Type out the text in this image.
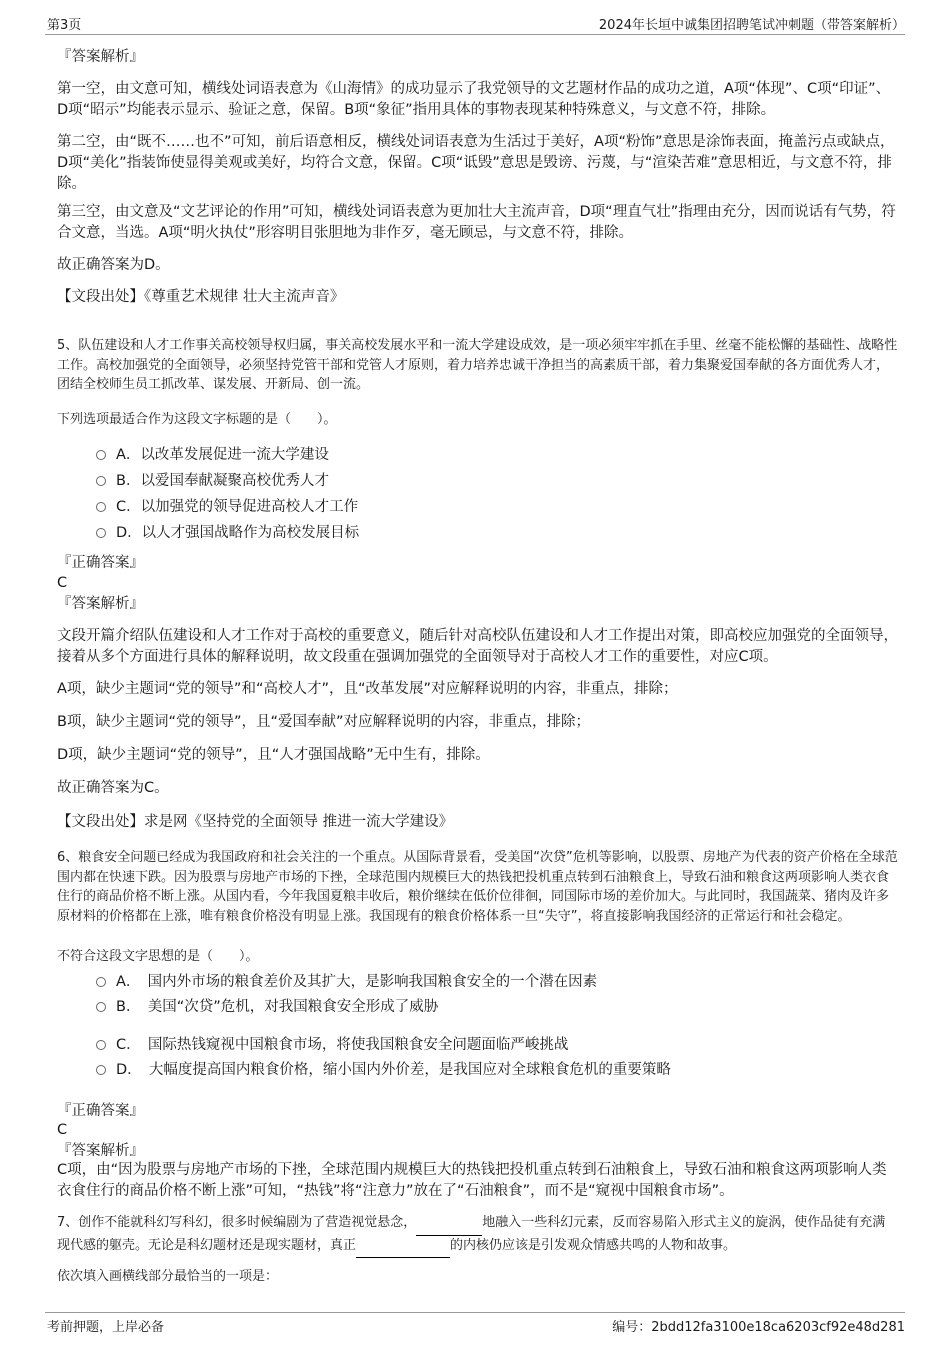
第3页	2024年长垣中诚集团招聘笔试冲刺题（带答案解析）
『答案解析』
第一空，由文意可知，横线处词语表意为《山海情》的成功显示了我党领导的文艺题材作品的成功之道，A项“体现”、C项“印证”、D项“昭示”均能表示显示、验证之意，保留。B项“象征”指用具体的事物表现某种特殊意义，与文意不符，排除。
第二空，由“既不……也不”可知，前后语意相反，横线处词语表意为生活过于美好，A项“粉饰”意思是涂饰表面，掩盖污点或缺点，D项“美化”指装饰使显得美观或美好，均符合文意，保留。C项“诋毁”意思是毁谤、污蔑，与“渲染苦难”意思相近，与文意不符，排除。
第三空，由文意及“文艺评论的作用”可知，横线处词语表意为更加壮大主流声音，D项“理直气壮”指理由充分，因而说话有气势，符合文意，当选。A项“明火执仗”形容明目张胆地为非作歹，毫无顾忌，与文意不符，排除。
故正确答案为D。
【文段出处】《尊重艺术规律 壮大主流声音》
5、队伍建设和人才工作事关高校领导权归属，事关高校发展水平和一流大学建设成效，是一项必须牢牢抓在手里、丝毫不能松懈的基础性、战略性工作。高校加强党的全面领导，必须坚持党管干部和党管人才原则，着力培养忠诚干净担当的高素质干部，着力集聚爱国奉献的各方面优秀人才，团结全校师生员工抓改革、谋发展、开新局、创一流。
下列选项最适合作为这段文字标题的是（　　）。
A．以改革发展促进一流大学建设
B．以爱国奉献凝聚高校优秀人才
C．以加强党的领导促进高校人才工作
D．以人才强国战略作为高校发展目标
『正确答案』
C
『答案解析』
文段开篇介绍队伍建设和人才工作对于高校的重要意义，随后针对高校队伍建设和人才工作提出对策，即高校应加强党的全面领导，接着从多个方面进行具体的解释说明，故文段重在强调加强党的全面领导对于高校人才工作的重要性，对应C项。
A项，缺少主题词“党的领导”和“高校人才”，且“改革发展”对应解释说明的内容，非重点，排除；
B项，缺少主题词“党的领导”，且“爱国奉献”对应解释说明的内容，非重点，排除；
D项，缺少主题词“党的领导”，且“人才强国战略”无中生有，排除。
故正确答案为C。
【文段出处】求是网《坚持党的全面领导 推进一流大学建设》
6、粮食安全问题已经成为我国政府和社会关注的一个重点。从国际背景看，受美国“次贷”危机等影响，以股票、房地产为代表的资产价格在全球范围内都在快速下跌。因为股票与房地产市场的下挫，全球范围内规模巨大的热钱把投机重点转到石油粮食上，导致石油和粮食这两项影响人类衣食住行的商品价格不断上涨。从国内看，今年我国夏粮丰收后，粮价继续在低价位徘徊，同国际市场的差价加大。与此同时，我国蔬菜、猪肉及许多原材料的价格都在上涨，唯有粮食价格没有明显上涨。我国现有的粮食价格体系一旦“失守”，将直接影响我国经济的正常运行和社会稳定。
不符合这段文字思想的是（　　）。
A．　国内外市场的粮食差价及其扩大，是影响我国粮食安全的一个潜在因素
B．　美国“次贷”危机，对我国粮食安全形成了威胁
C．　国际热钱窥视中国粮食市场，将使我国粮食安全问题面临严峻挑战
D．　大幅度提高国内粮食价格，缩小国内外价差，是我国应对全球粮食危机的重要策略
『正确答案』
C
『答案解析』
C项，由“因为股票与房地产市场的下挫，全球范围内规模巨大的热钱把投机重点转到石油粮食上，导致石油和粮食这两项影响人类衣食住行的商品价格不断上涨”可知，“热钱”将“注意力”放在了“石油粮食”，而不是“窥视中国粮食市场”。
7、创作不能就科幻写科幻，很多时候编剧为了营造视觉悬念，	地融入一些科幻元素，反而容易陷入形式主义的旋涡，使作品徒有充满现代感的躯壳。无论是科幻题材还是现实题材，真正	的内核仍应该是引发观众情感共鸣的人物和故事。
依次填入画横线部分最恰当的一项是：
考前押题，上岸必备	编号：2bdd12fa3100e18ca6203cf92e48d281
